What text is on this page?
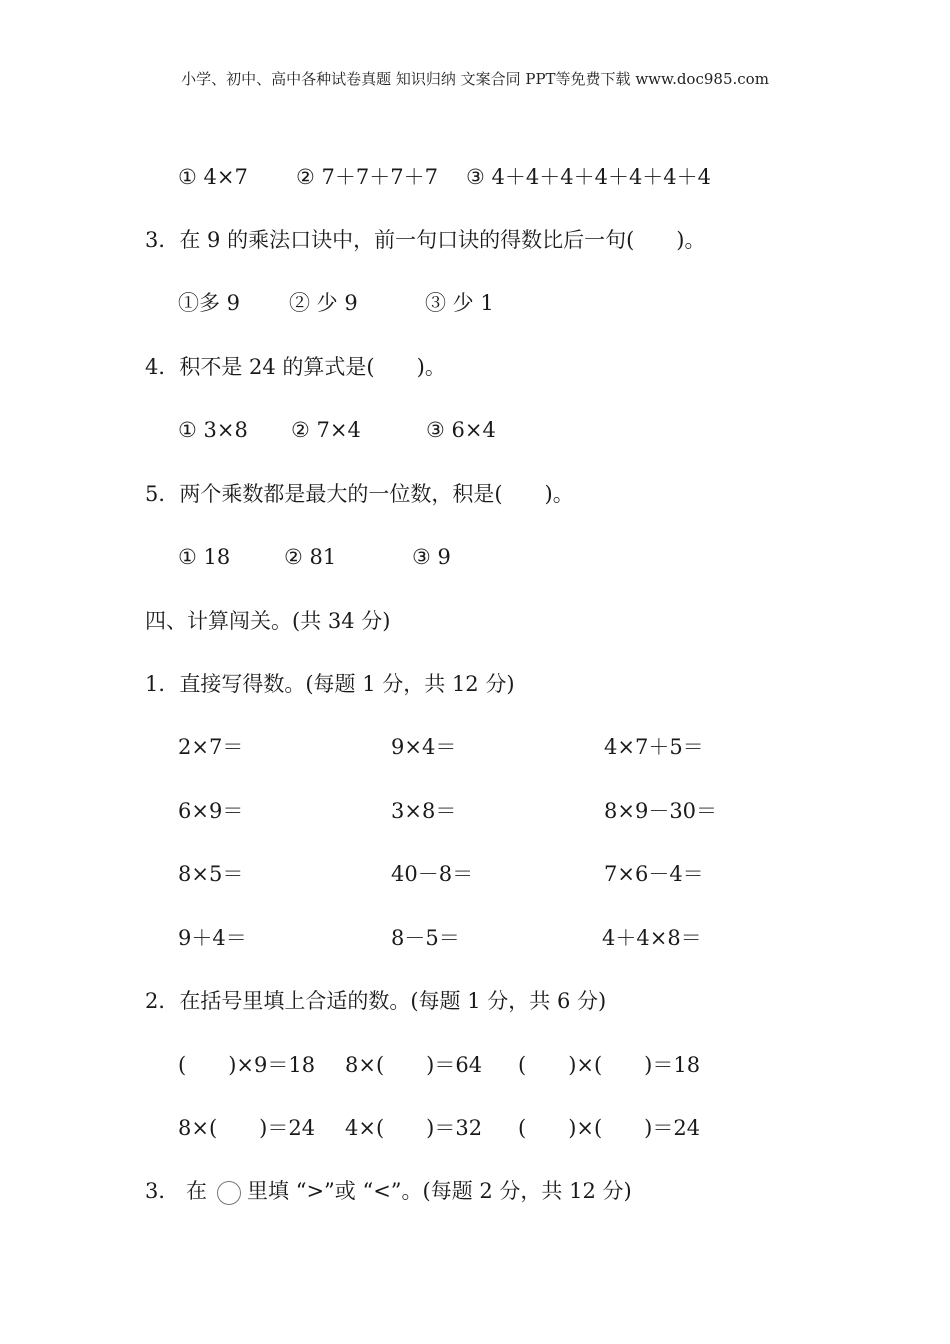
小学、初中、高中各种试卷真题 知识归纳 文案合同 PPT等免费下载 www.doc985.com
① 4×7 ② 7＋7＋7＋7 ③ 4＋4＋4＋4＋4＋4＋4
3．在 9 的乘法口诀中，前一句口诀的得数比后一句(　　)。
①多 9 ② 少 9	③ 少 1
4．积不是 24 的算式是(　　)。
① 3×8 ② 7×4	③ 6×4
5．两个乘数都是最大的一位数，积是(　　)。
① 18	② 81	③ 9
四、计算闯关。(共 34 分)
1．直接写得数。(每题 1 分，共 12 分)
2×7＝	9×4＝	4×7＋5＝
6×9＝	3×8＝	8×9－30＝
8×5＝	40－8＝	7×6－4＝
9＋4＝	8－5＝	4＋4×8＝
2．在括号里填上合适的数。(每题 1 分，共 6 分)
(　　)×9＝18 8×(　　)＝64 (　　)×(　　)＝18
8×(　　)＝24 4×(　　)＝32 (　　)×(　　)＝24
3． 在 里填 “>”或 “<”。(每题 2 分，共 12 分)
